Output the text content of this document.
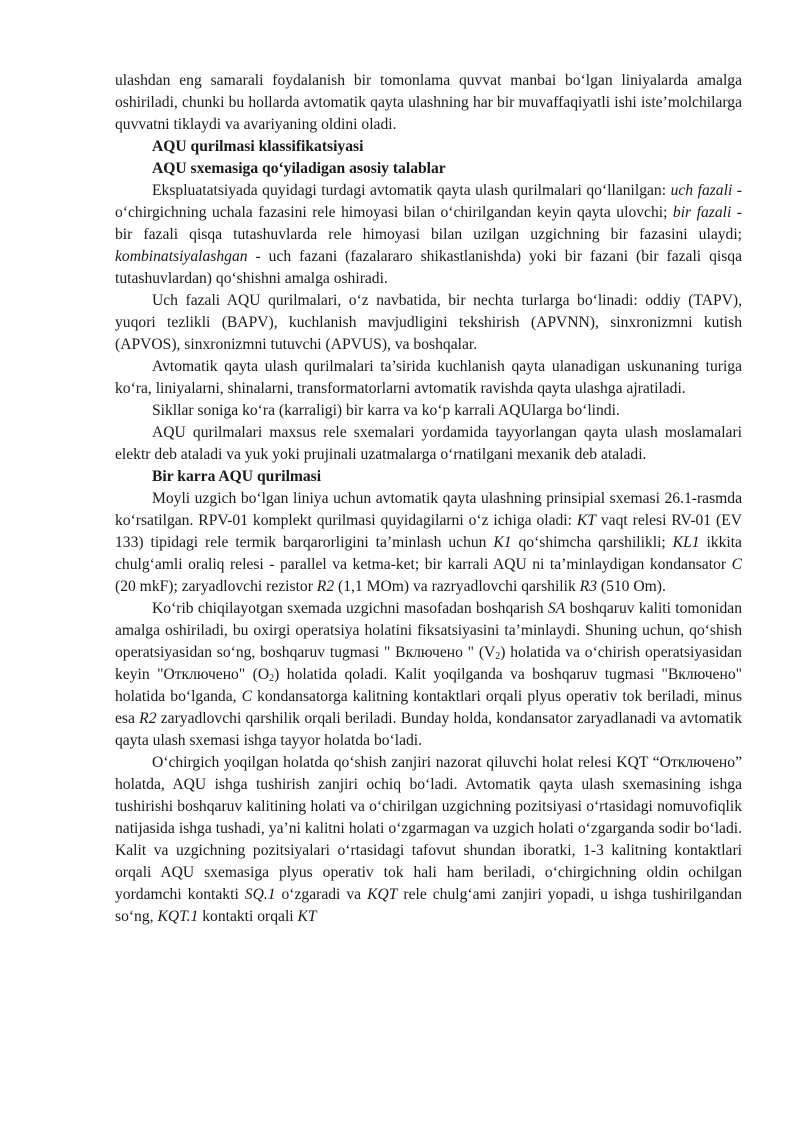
ulashdan eng samarali foydalanish bir tomonlama quvvat manbai bo‘lgan liniyalarda amalga oshiriladi, chunki bu hollarda avtomatik qayta ulashning har bir muvaffaqiyatli ishi iste’molchilarga quvvatni tiklaydi va avariyaning oldini oladi.

AQU qurilmasi klassifikatsiyasi

AQU sxemasiga qo‘yiladigan asosiy talablar

Ekspluatatsiyada quyidagi turdagi avtomatik qayta ulash qurilmalari qo‘llanilgan: uch fazali - o‘chirgichning uchala fazasini rele himoyasi bilan o‘chirilgandan keyin qayta ulovchi; bir fazali - bir fazali qisqa tutashuvlarda rele himoyasi bilan uzilgan uzgichning bir fazasini ulaydi; kombinatsiyalashgan - uch fazani (fazalararo shikastlanishda) yoki bir fazani (bir fazali qisqa tutashuvlardan) qo‘shishni amalga oshiradi.

Uch fazali AQU qurilmalari, o‘z navbatida, bir nechta turlarga bo‘linadi: oddiy (TAPV), yuqori tezlikli (BAPV), kuchlanish mavjudligini tekshirish (APVNN), sinxronizmni kutish (APVOS), sinxronizmni tutuvchi (APVUS), va boshqalar.

Avtomatik qayta ulash qurilmalari ta’sirida kuchlanish qayta ulanadigan uskunaning turiga ko‘ra, liniyalarni, shinalarni, transformatorlarni avtomatik ravishda qayta ulashga ajratiladi.

Sikllar soniga ko‘ra (karraligi) bir karra va ko‘p karrali AQUlarga bo‘lindi.

AQU qurilmalari maxsus rele sxemalari yordamida tayyorlangan qayta ulash moslamalari elektr deb ataladi va yuk yoki prujinali uzatmalarga o‘rnatilgani mexanik deb ataladi.

Bir karra AQU qurilmasi

Moyli uzgich bo‘lgan liniya uchun avtomatik qayta ulashning prinsipial sxemasi 26.1-rasmda ko‘rsatilgan. RPV-01 komplekt qurilmasi quyidagilarni o‘z ichiga oladi: KT vaqt relesi RV-01 (EV 133) tipidagi rele termik barqarorligini ta’minlash uchun K1 qo‘shimcha qarshilikli; KL1 ikkita chulg‘amli oraliq relesi - parallel va ketma-ket; bir karrali AQU ni ta’minlaydigan kondansator C (20 mkF); zaryadlovchi rezistor R2 (1,1 MOm) va razryadlovchi qarshilik R3 (510 Om).

Ko‘rib chiqilayotgan sxemada uzgichni masofadan boshqarish SA boshqaruv kaliti tomonidan amalga oshiriladi, bu oxirgi operatsiya holatini fiksatsiyasini ta’minlaydi. Shuning uchun, qo‘shish operatsiyasidan so‘ng, boshqaruv tugmasi " Включено " $(V_2)$ holatida va o‘chirish operatsiyasidan keyin "Отключено" $(O_2)$ holatida qoladi. Kalit yoqilganda va boshqaruv tugmasi "Включено" holatida bo‘lganda, C kondansatorga kalitning kontaktlari orqali plyus operativ tok beriladi, minus esa R2 zaryadlovchi qarshilik orqali beriladi. Bunday holda, kondansator zaryadlanadi va avtomatik qayta ulash sxemasi ishga tayyor holatda bo‘ladi.

O‘chirgich yoqilgan holatda qo‘shish zanjiri nazorat qiluvchi holat relesi KQT “Отключено” holatda, AQU ishga tushirish zanjiri ochiq bo‘ladi. Avtomatik qayta ulash sxemasining ishga tushirishi boshqaruv kalitining holati va o‘chirilgan uzgichning pozitsiyasi o‘rtasidagi nomuvofiqlik natijasida ishga tushadi, ya’ni kalitni holati o‘zgarmagan va uzgich holati o‘zgarganda sodir bo‘ladi. Kalit va uzgichning pozitsiyalari o‘rtasidagi tafovut shundan iboratki, 1-3 kalitning kontaktlari orqali AQU sxemasiga plyus operativ tok hali ham beriladi, o‘chirgichning oldin ochilgan yordamchi kontakti SQ.1 o‘zgaradi va KQT rele chulg‘ami zanjiri yopadi, u ishga tushirilgandan so‘ng, KQT.1 kontakti orqali KT
